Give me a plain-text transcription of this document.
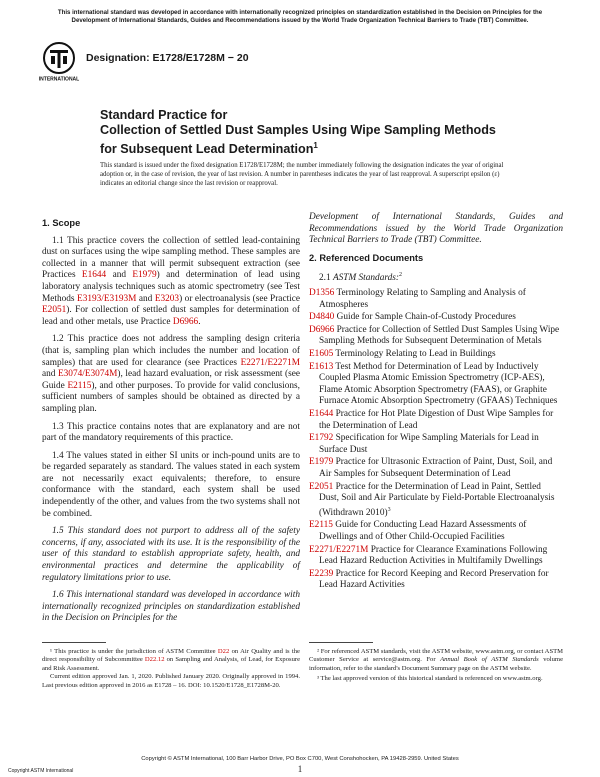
This international standard was developed in accordance with internationally recognized principles on standardization established in the Decision on Principles for the Development of International Standards, Guides and Recommendations issued by the World Trade Organization Technical Barriers to Trade (TBT) Committee.
INTERNATIONAL
Designation: E1728/E1728M − 20
Standard Practice for
Collection of Settled Dust Samples Using Wipe Sampling Methods for Subsequent Lead Determination$^1$
This standard is issued under the fixed designation E1728/E1728M; the number immediately following the designation indicates the year of original adoption or, in the case of revision, the year of last revision. A number in parentheses indicates the year of last reapproval. A superscript epsilon (ε) indicates an editorial change since the last revision or reapproval.
1. Scope
1.1 This practice covers the collection of settled lead-containing dust on surfaces using the wipe sampling method. These samples are collected in a manner that will permit subsequent extraction (see Practices E1644 and E1979) and determination of lead using laboratory analysis techniques such as atomic spectrometry (see Test Methods E3193/E3193M and E3203) or electroanalysis (see Practice E2051). For collection of settled dust samples for determination of lead and other metals, use Practice D6966.
1.2 This practice does not address the sampling design criteria (that is, sampling plan which includes the number and location of samples) that are used for clearance (see Practices E2271/E2271M and E3074/E3074M), lead hazard evaluation, or risk assessment (see Guide E2115), and other purposes. To provide for valid conclusions, sufficient numbers of samples should be obtained as directed by a sampling plan.
1.3 This practice contains notes that are explanatory and are not part of the mandatory requirements of this practice.
1.4 The values stated in either SI units or inch-pound units are to be regarded separately as standard. The values stated in each system are not necessarily exact equivalents; therefore, to ensure conformance with the standard, each system shall be used independently of the other, and values from the two systems shall not be combined.
1.5 This standard does not purport to address all of the safety concerns, if any, associated with its use. It is the responsibility of the user of this standard to establish appropriate safety, health, and environmental practices and determine the applicability of regulatory limitations prior to use.
1.6 This international standard was developed in accordance with internationally recognized principles on standardization established in the Decision on Principles for the
Development of International Standards, Guides and Recommendations issued by the World Trade Organization Technical Barriers to Trade (TBT) Committee.
2. Referenced Documents
2.1 ASTM Standards:$^2$
D1356 Terminology Relating to Sampling and Analysis of Atmospheres
D4840 Guide for Sample Chain-of-Custody Procedures
D6966 Practice for Collection of Settled Dust Samples Using Wipe Sampling Methods for Subsequent Determination of Metals
E1605 Terminology Relating to Lead in Buildings
E1613 Test Method for Determination of Lead by Inductively Coupled Plasma Atomic Emission Spectrometry (ICP-AES), Flame Atomic Absorption Spectrometry (FAAS), or Graphite Furnace Atomic Absorption Spectrometry (GFAAS) Techniques
E1644 Practice for Hot Plate Digestion of Dust Wipe Samples for the Determination of Lead
E1792 Specification for Wipe Sampling Materials for Lead in Surface Dust
E1979 Practice for Ultrasonic Extraction of Paint, Dust, Soil, and Air Samples for Subsequent Determination of Lead
E2051 Practice for the Determination of Lead in Paint, Settled Dust, Soil and Air Particulate by Field-Portable Electroanalysis (Withdrawn 2010)$^3$
E2115 Guide for Conducting Lead Hazard Assessments of Dwellings and of Other Child-Occupied Facilities
E2271/E2271M Practice for Clearance Examinations Following Lead Hazard Reduction Activities in Multifamily Dwellings
E2239 Practice for Record Keeping and Record Preservation for Lead Hazard Activities
¹ This practice is under the jurisdiction of ASTM Committee D22 on Air Quality and is the direct responsibility of Subcommittee D22.12 on Sampling and Analysis, of Lead, for Exposure and Risk Assessment.
Current edition approved Jan. 1, 2020. Published January 2020. Originally approved in 1994. Last previous edition approved in 2016 as E1728 – 16. DOI: 10.1520/E1728_E1728M-20.
² For referenced ASTM standards, visit the ASTM website, www.astm.org, or contact ASTM Customer Service at service@astm.org. For Annual Book of ASTM Standards volume information, refer to the standard's Document Summary page on the ASTM website.
³ The last approved version of this historical standard is referenced on www.astm.org.
Copyright © ASTM International, 100 Barr Harbor Drive, PO Box C700, West Conshohocken, PA 19428-2959. United States
1
Copyright ASTM International
